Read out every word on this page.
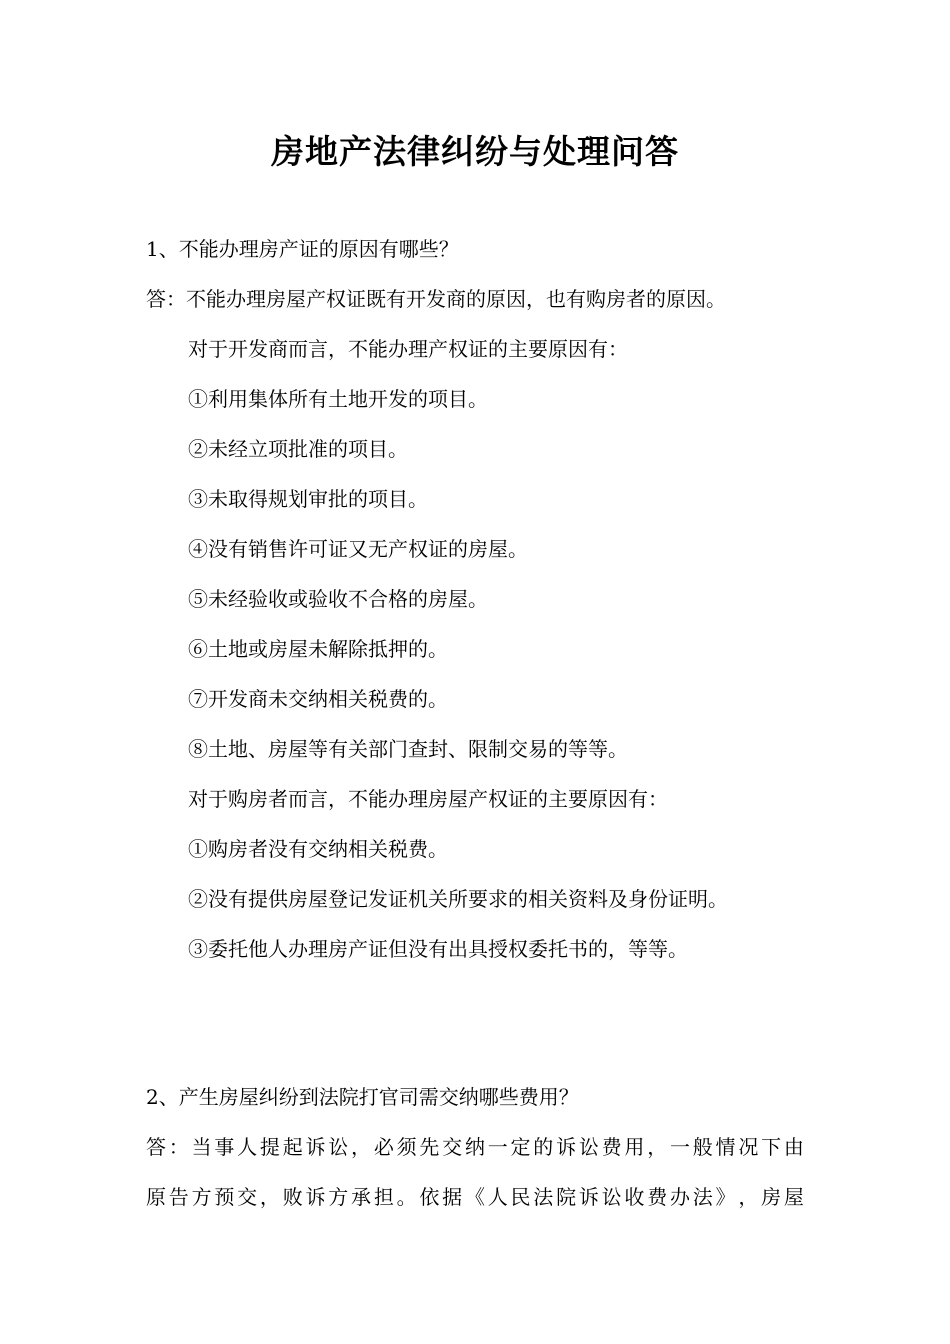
房地产法律纠纷与处理问答

1、不能办理房产证的原因有哪些？

答：不能办理房屋产权证既有开发商的原因，也有购房者的原因。

对于开发商而言，不能办理产权证的主要原因有：

①利用集体所有土地开发的项目。

②未经立项批准的项目。

③未取得规划审批的项目。

④没有销售许可证又无产权证的房屋。

⑤未经验收或验收不合格的房屋。

⑥土地或房屋未解除抵押的。

⑦开发商未交纳相关税费的。

⑧土地、房屋等有关部门查封、限制交易的等等。

对于购房者而言，不能办理房屋产权证的主要原因有：

①购房者没有交纳相关税费。

②没有提供房屋登记发证机关所要求的相关资料及身份证明。

③委托他人办理房产证但没有出具授权委托书的，等等。

2、产生房屋纠纷到法院打官司需交纳哪些费用？

答 ： 当 事 人 提 起 诉 讼 ， 必 须 先 交 纳 一 定 的 诉 讼 费 用 ， 一 般 情 况 下 由

原 告 方 预 交 ， 败 诉 方 承 担 。 依 据 《 人 民 法 院 诉 讼 收 费 办 法 》 ， 房 屋
